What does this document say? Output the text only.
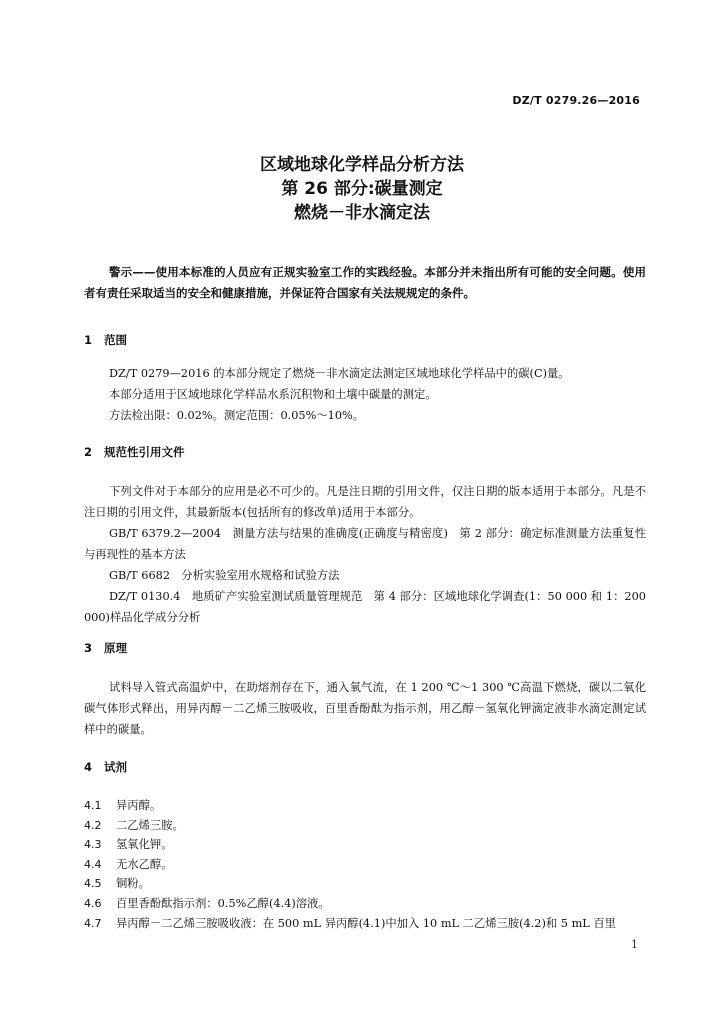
DZ/T 0279.26—2016
区域地球化学样品分析方法
第 26 部分:碳量测定
燃烧－非水滴定法
警示——使用本标准的人员应有正规实验室工作的实践经验。本部分并未指出所有可能的安全问题。使用者有责任采取适当的安全和健康措施，并保证符合国家有关法规规定的条件。
1 范围

DZ/T 0279—2016 的本部分规定了燃烧－非水滴定法测定区域地球化学样品中的碳(C)量。

本部分适用于区域地球化学样品水系沉积物和土壤中碳量的测定。

方法检出限：0.02%。测定范围：0.05%～10%。

2 规范性引用文件

下列文件对于本部分的应用是必不可少的。凡是注日期的引用文件，仅注日期的版本适用于本部分。凡是不注日期的引用文件，其最新版本(包括所有的修改单)适用于本部分。

GB/T 6379.2—2004　测量方法与结果的准确度(正确度与精密度)　第 2 部分：确定标准测量方法重复性与再现性的基本方法

GB/T 6682　分析实验室用水规格和试验方法

DZ/T 0130.4　地质矿产实验室测试质量管理规范　第 4 部分：区域地球化学调查(1：50 000 和 1：200 000)样品化学成分分析

3 原理

试料导入管式高温炉中，在助熔剂存在下，通入氧气流，在 1 200 ℃～1 300 ℃高温下燃烧，碳以二氧化碳气体形式释出，用异丙醇－二乙烯三胺吸收，百里香酚酞为指示剂，用乙醇－氢氧化钾滴定液非水滴定测定试样中的碳量。

4 试剂
4.1 异丙醇。
4.2 二乙烯三胺。
4.3 氢氧化钾。
4.4 无水乙醇。
4.5 铜粉。
4.6 百里香酚酞指示剂：0.5%乙醇(4.4)溶液。
4.7 异丙醇－二乙烯三胺吸收液：在 500 mL 异丙醇(4.1)中加入 10 mL 二乙烯三胺(4.2)和 5 mL 百里
1
